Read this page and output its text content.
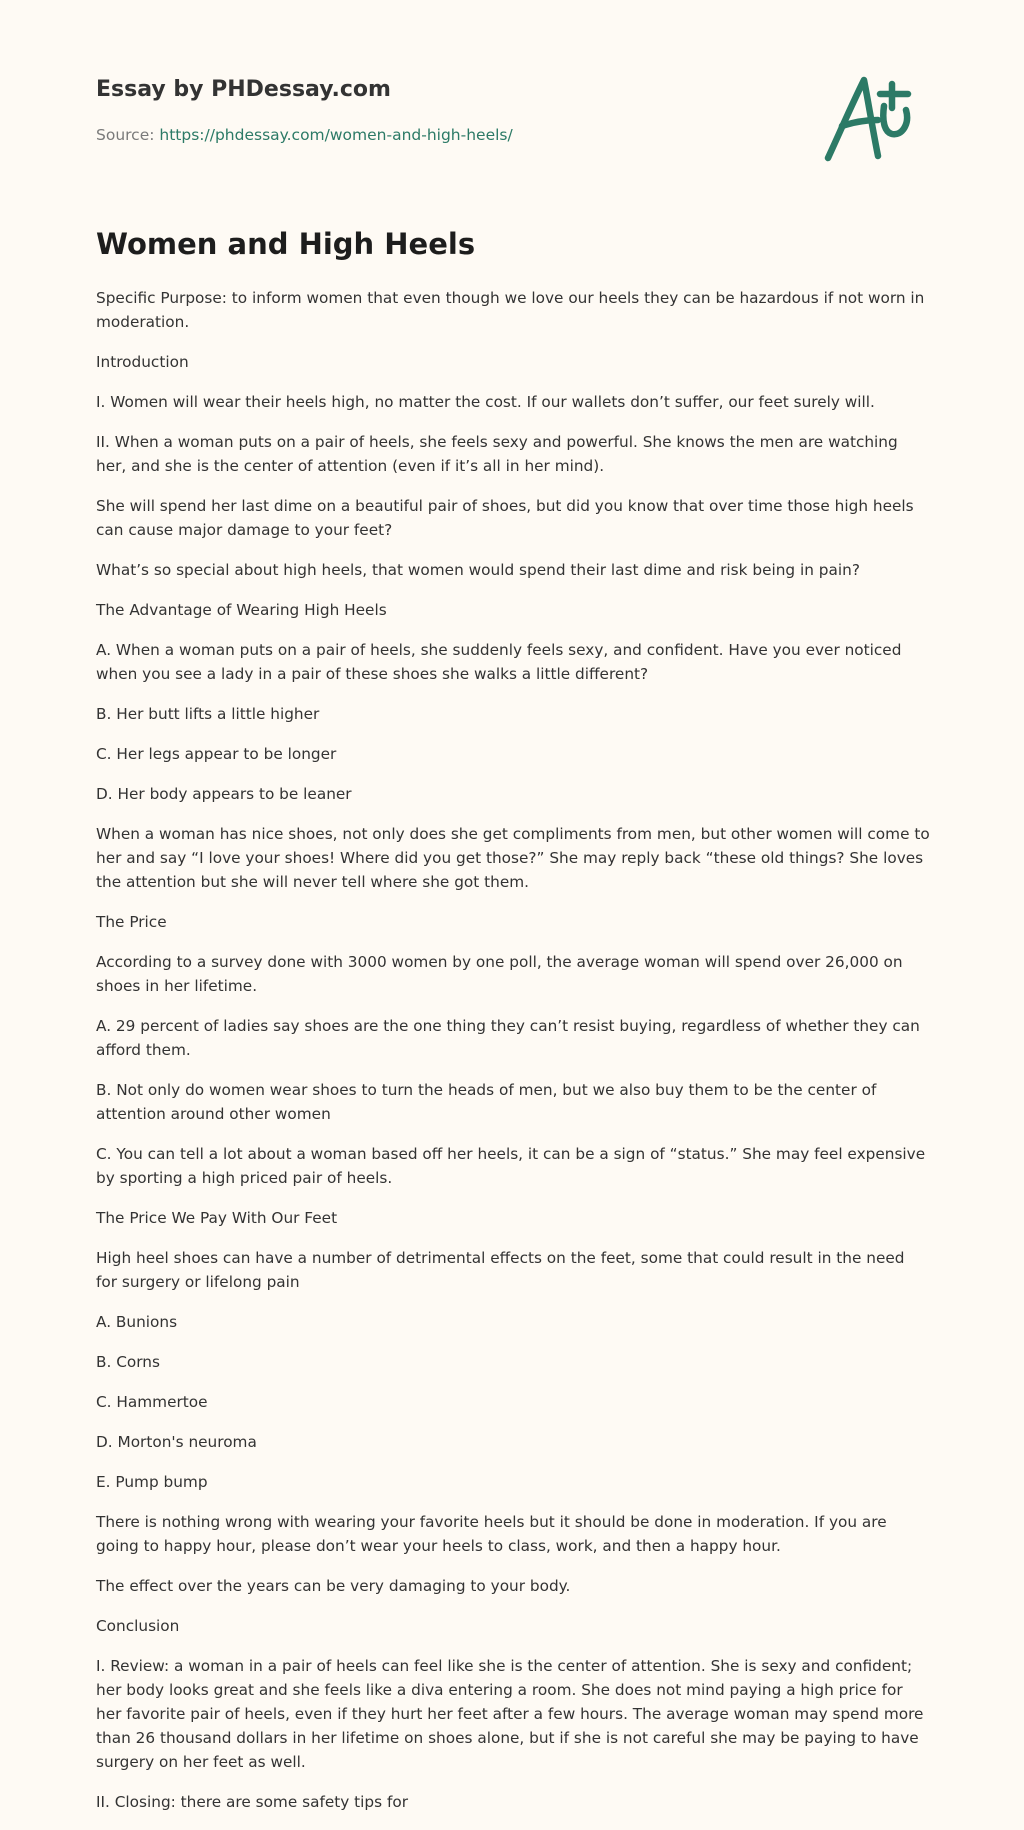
Essay by PHDessay.com
Source: https://phdessay.com/women-and-high-heels/
Women and High Heels

Specific Purpose: to inform women that even though we love our heels they can be hazardous if not worn in moderation.

Introduction

I. Women will wear their heels high, no matter the cost. If our wallets don’t suffer, our feet surely will.

II. When a woman puts on a pair of heels, she feels sexy and powerful. She knows the men are watching her, and she is the center of attention (even if it’s all in her mind).

She will spend her last dime on a beautiful pair of shoes, but did you know that over time those high heels can cause major damage to your feet?

What’s so special about high heels, that women would spend their last dime and risk being in pain?

The Advantage of Wearing High Heels

A. When a woman puts on a pair of heels, she suddenly feels sexy, and confident. Have you ever noticed when you see a lady in a pair of these shoes she walks a little different?

B. Her butt lifts a little higher

C. Her legs appear to be longer

D. Her body appears to be leaner

When a woman has nice shoes, not only does she get compliments from men, but other women will come to her and say “I love your shoes! Where did you get those?” She may reply back “these old things? She loves the attention but she will never tell where she got them.

The Price

According to a survey done with 3000 women by one poll, the average woman will spend over 26,000 on shoes in her lifetime.

A. 29 percent of ladies say shoes are the one thing they can’t resist buying, regardless of whether they can afford them.

B. Not only do women wear shoes to turn the heads of men, but we also buy them to be the center of attention around other women

C. You can tell a lot about a woman based off her heels, it can be a sign of “status.” She may feel expensive by sporting a high priced pair of heels.

The Price We Pay With Our Feet

High heel shoes can have a number of detrimental effects on the feet, some that could result in the need for surgery or lifelong pain

A. Bunions

B. Corns

C. Hammertoe

D. Morton's neuroma

E. Pump bump

There is nothing wrong with wearing your favorite heels but it should be done in moderation. If you are going to happy hour, please don’t wear your heels to class, work, and then a happy hour.

The effect over the years can be very damaging to your body.

Conclusion

I. Review: a woman in a pair of heels can feel like she is the center of attention. She is sexy and confident; her body looks great and she feels like a diva entering a room. She does not mind paying a high price for her favorite pair of heels, even if they hurt her feet after a few hours. The average woman may spend more than 26 thousand dollars in her lifetime on shoes alone, but if she is not careful she may be paying to have surgery on her feet as well.

II. Closing: there are some safety tips for
